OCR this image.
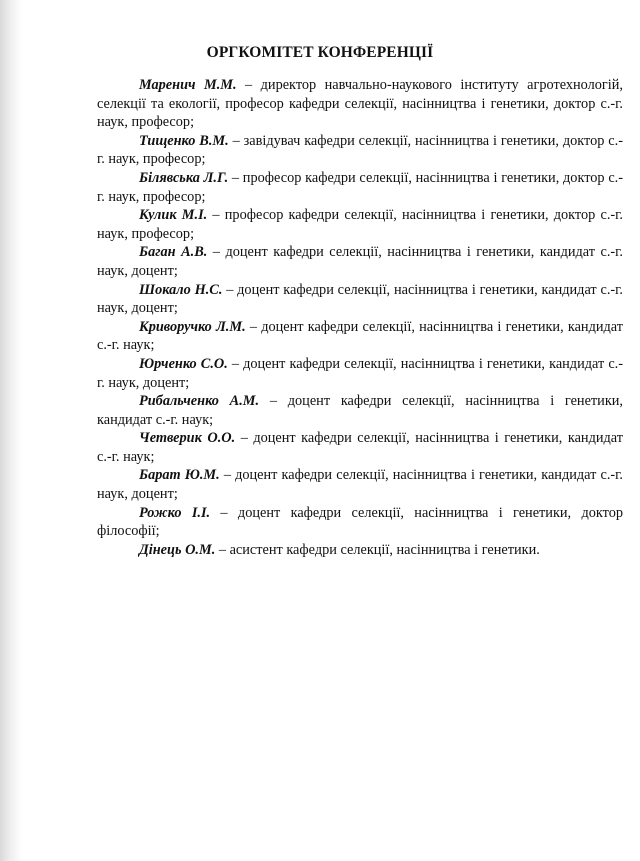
ОРГКОМІТЕТ КОНФЕРЕНЦІЇ
Маренич М.М. – директор навчально-наукового інституту агротехнологій, селекції та екології, професор кафедри селекції, насінництва і генетики, доктор с.-г. наук, професор;
Тищенко В.М. – завідувач кафедри селекції, насінництва і генетики, доктор с.-г. наук, професор;
Білявська Л.Г. – професор кафедри селекції, насінництва і генетики, доктор с.-г. наук, професор;
Кулик М.І. – професор кафедри селекції, насінництва і генетики, доктор с.-г. наук, професор;
Баган А.В. – доцент кафедри селекції, насінництва і генетики, кандидат с.-г. наук, доцент;
Шокало Н.С. – доцент кафедри селекції, насінництва і генетики, кандидат с.-г. наук, доцент;
Криворучко Л.М. – доцент кафедри селекції, насінництва і генетики, кандидат с.-г. наук;
Юрченко С.О. – доцент кафедри селекції, насінництва і генетики, кандидат с.-г. наук, доцент;
Рибальченко А.М. – доцент кафедри селекції, насінництва і генетики, кандидат с.-г. наук;
Четверик О.О. – доцент кафедри селекції, насінництва і генетики, кандидат с.-г. наук;
Барат Ю.М. – доцент кафедри селекції, насінництва і генетики, кандидат с.-г. наук, доцент;
Рожко І.І. – доцент кафедри селекції, насінництва і генетики, доктор філософії;
Дінець О.М. – асистент кафедри селекції, насінництва і генетики.
